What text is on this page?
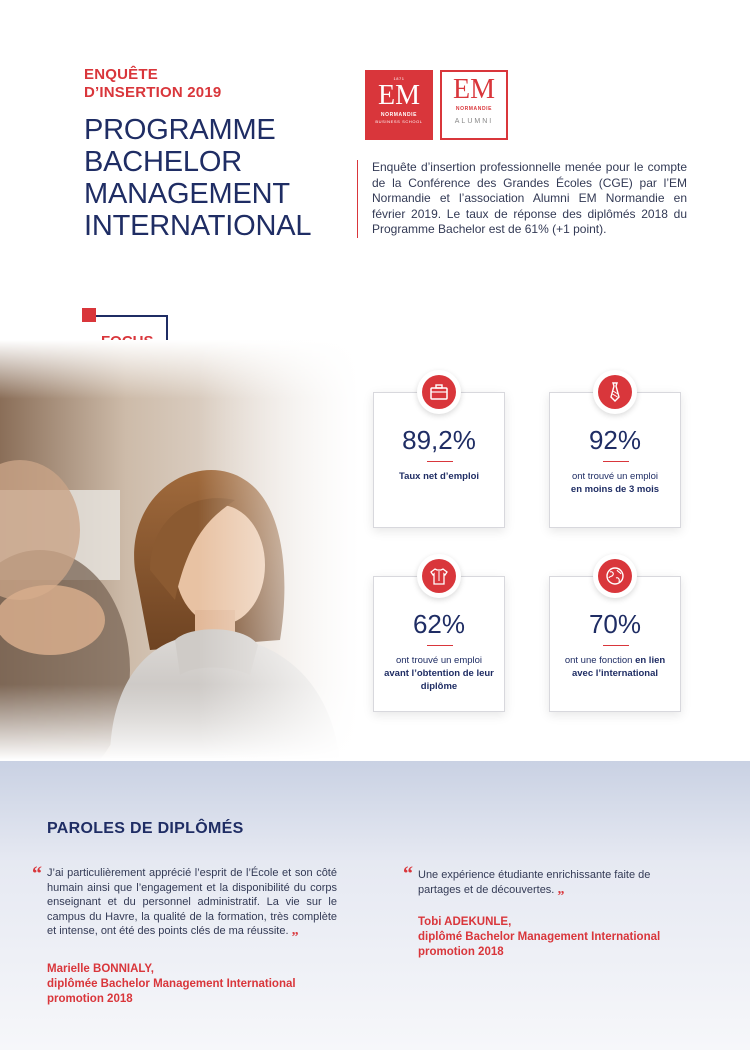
ENQUÊTE
D’INSERTION 2019
PROGRAMME
BACHELOR
MANAGEMENT
INTERNATIONAL
1871
EM
NORMANDIE
BUSINESS SCHOOL
EM
NORMANDIE
ALUMNI
Enquête d’insertion professionnelle menée pour le compte de la Conférence des Grandes Écoles (CGE) par l’EM Normandie et l’association Alumni EM Normandie en février 2019. Le taux de réponse des diplômés 2018 du Programme Bachelor est de 61% (+1 point).
89,2%
Taux net d’emploi
92%
ont trouvé un emploi
en moins de 3 mois
62%
ont trouvé un emploi
avant l’obtention de leur diplôme
70%
ont une fonction en lien avec l’international
PAROLES DE DIPLÔMÉS
“ J’ai particulièrement apprécié l’esprit de l’École et son côté humain ainsi que l’engagement et la disponibilité du corps enseignant et du personnel administratif. La vie sur le campus du Havre, la qualité de la formation, très complète et intense, ont été des points clés de ma réussite. „
Marielle BONNIALY,
diplômée Bachelor Management International
promotion 2018
“ Une expérience étudiante enrichissante faite de partages et de découvertes. „
Tobi ADEKUNLE,
diplômé Bachelor Management International
promotion 2018
